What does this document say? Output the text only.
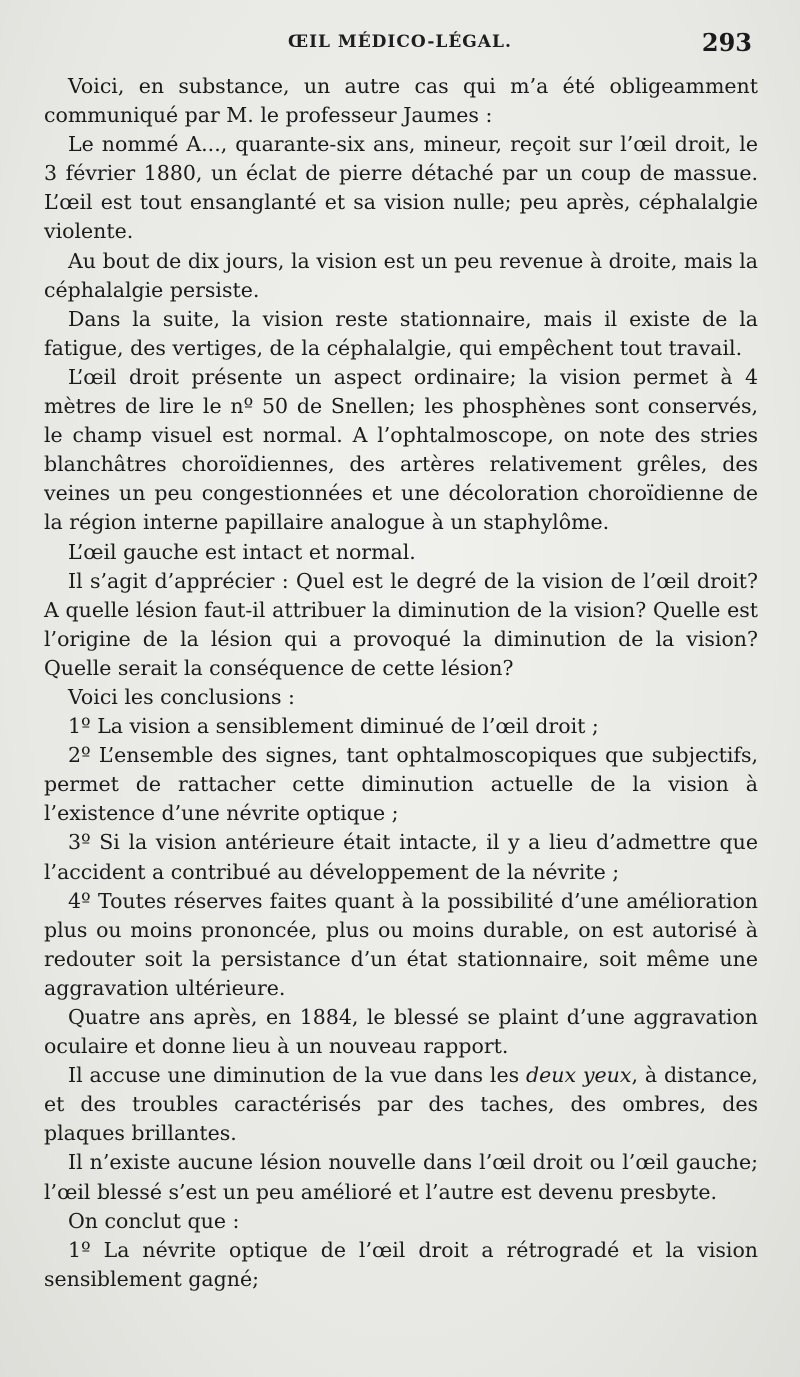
ŒIL MÉDICO-LÉGAL.	293

Voici, en substance, un autre cas qui m’a été obligeamment communiqué par M. le professeur Jaumes :

Le nommé A..., quarante-six ans, mineur, reçoit sur l’œil droit, le 3 février 1880, un éclat de pierre détaché par un coup de massue. L’œil est tout ensanglanté et sa vision nulle; peu après, céphalalgie violente.

Au bout de dix jours, la vision est un peu revenue à droite, mais la céphalalgie persiste.

Dans la suite, la vision reste stationnaire, mais il existe de la fatigue, des vertiges, de la céphalalgie, qui empêchent tout travail.

L’œil droit présente un aspect ordinaire; la vision permet à 4 mètres de lire le nº 50 de Snellen; les phosphènes sont conservés, le champ visuel est normal. A l’ophtalmoscope, on note des stries blanchâtres choroïdiennes, des artères relativement grêles, des veines un peu congestionnées et une décoloration choroïdienne de la région interne papillaire analogue à un staphylôme.

L’œil gauche est intact et normal.

Il s’agit d’apprécier : Quel est le degré de la vision de l’œil droit? A quelle lésion faut-il attribuer la diminution de la vision? Quelle est l’origine de la lésion qui a provoqué la diminution de la vision? Quelle serait la conséquence de cette lésion?

Voici les conclusions :

1º La vision a sensiblement diminué de l’œil droit ;

2º L’ensemble des signes, tant ophtalmoscopiques que subjectifs, permet de rattacher cette diminution actuelle de la vision à l’existence d’une névrite optique ;

3º Si la vision antérieure était intacte, il y a lieu d’admettre que l’accident a contribué au développement de la névrite ;

4º Toutes réserves faites quant à la possibilité d’une amélioration plus ou moins prononcée, plus ou moins durable, on est autorisé à redouter soit la persistance d’un état stationnaire, soit même une aggravation ultérieure.

Quatre ans après, en 1884, le blessé se plaint d’une aggravation oculaire et donne lieu à un nouveau rapport.

Il accuse une diminution de la vue dans les deux yeux, à distance, et des troubles caractérisés par des taches, des ombres, des plaques brillantes.

Il n’existe aucune lésion nouvelle dans l’œil droit ou l’œil gauche; l’œil blessé s’est un peu amélioré et l’autre est devenu presbyte.

On conclut que :

1º La névrite optique de l’œil droit a rétrogradé et la vision sensiblement gagné;
